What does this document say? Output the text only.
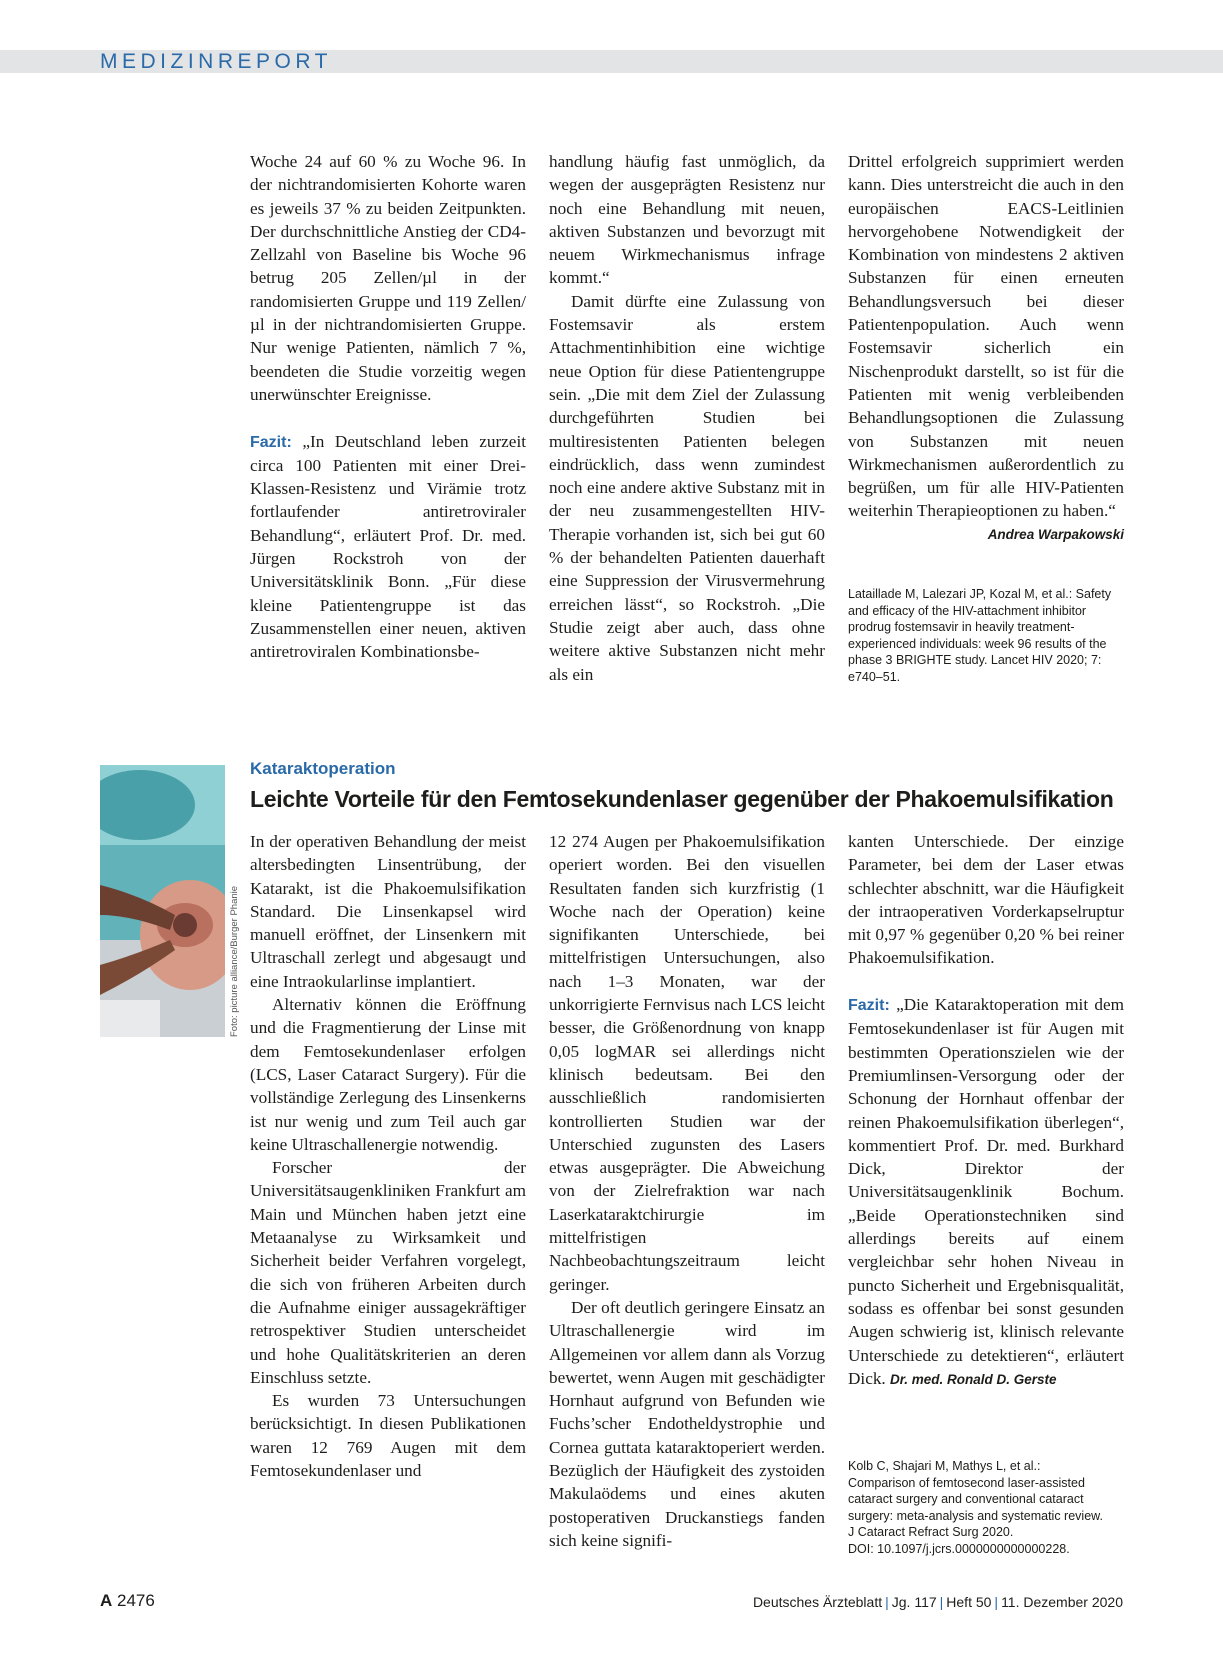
MEDIZINREPORT

Woche 24 auf 60 % zu Woche 96. In der nichtrandomisierten Kohorte waren es jeweils 37 % zu beiden Zeitpunkten. Der durchschnittliche Anstieg der CD4-Zellzahl von Baseline bis Woche 96 betrug 205 Zellen/µl in der randomisierten Gruppe und 119 Zellen/µl in der nichtrandomisierten Gruppe. Nur wenige Patienten, nämlich 7 %, beendeten die Studie vorzeitig wegen unerwünschter Ereignisse.

Fazit: „In Deutschland leben zurzeit circa 100 Patienten mit einer Drei-Klassen-Resistenz und Virämie trotz fortlaufender antiretroviraler Behandlung“, erläutert Prof. Dr. med. Jürgen Rockstroh von der Universitätsklinik Bonn. „Für diese kleine Patientengruppe ist das Zusammenstellen einer neuen, aktiven antiretroviralen Kombinationsbe-

handlung häufig fast unmöglich, da wegen der ausgeprägten Resistenz nur noch eine Behandlung mit neuen, aktiven Substanzen und bevorzugt mit neuem Wirkmechanismus infrage kommt.“

Damit dürfte eine Zulassung von Fostemsavir als erstem Attachmentinhibition eine wichtige neue Option für diese Patientengruppe sein. „Die mit dem Ziel der Zulassung durchgeführten Studien bei multiresistenten Patienten belegen eindrücklich, dass wenn zumindest noch eine andere aktive Substanz mit in der neu zusammengestellten HIV-Therapie vorhanden ist, sich bei gut 60 % der behandelten Patienten dauerhaft eine Suppression der Virusvermehrung erreichen lässt“, so Rockstroh. „Die Studie zeigt aber auch, dass ohne weitere aktive Substanzen nicht mehr als ein

Drittel erfolgreich supprimiert werden kann. Dies unterstreicht die auch in den europäischen EACS-Leitlinien hervorgehobene Notwendigkeit der Kombination von mindestens 2 aktiven Substanzen für einen erneuten Behandlungsversuch bei dieser Patientenpopulation. Auch wenn Fostemsavir sicherlich ein Nischenprodukt darstellt, so ist für die Patienten mit wenig verbleibenden Behandlungsoptionen die Zulassung von Substanzen mit neuen Wirkmechanismen außerordentlich zu begrüßen, um für alle HIV-Patienten weiterhin Therapieoptionen zu haben.“
Andrea Warpakowski

Lataillade M, Lalezari JP, Kozal M, et al.: Safety and efficacy of the HIV-attachment inhibitor prodrug fostemsavir in heavily treatment-experienced individuals: week 96 results of the phase 3 BRIGHTE study. Lancet HIV 2020; 7: e740–51.

Foto: picture alliance/Burger Phanie
Kataraktoperation
Leichte Vorteile für den Femtosekundenlaser gegenüber der Phakoemulsifikation

In der operativen Behandlung der meist altersbedingten Linsentrübung, der Katarakt, ist die Phakoemulsifikation Standard. Die Linsenkapsel wird manuell eröffnet, der Linsenkern mit Ultraschall zerlegt und abgesaugt und eine Intraokularlinse implantiert.

Alternativ können die Eröffnung und die Fragmentierung der Linse mit dem Femtosekundenlaser erfolgen (LCS, Laser Cataract Surgery). Für die vollständige Zerlegung des Linsenkerns ist nur wenig und zum Teil auch gar keine Ultraschallenergie notwendig.

Forscher der Universitätsaugenkliniken Frankfurt am Main und München haben jetzt eine Metaanalyse zu Wirksamkeit und Sicherheit beider Verfahren vorgelegt, die sich von früheren Arbeiten durch die Aufnahme einiger aussagekräftiger retrospektiver Studien unterscheidet und hohe Qualitätskriterien an deren Einschluss setzte.

Es wurden 73 Untersuchungen berücksichtigt. In diesen Publikationen waren 12 769 Augen mit dem Femtosekundenlaser und

12 274 Augen per Phakoemulsifikation operiert worden. Bei den visuellen Resultaten fanden sich kurzfristig (1 Woche nach der Operation) keine signifikanten Unterschiede, bei mittelfristigen Untersuchungen, also nach 1–3 Monaten, war der unkorrigierte Fernvisus nach LCS leicht besser, die Größenordnung von knapp 0,05 logMAR sei allerdings nicht klinisch bedeutsam. Bei den ausschließlich randomisierten kontrollierten Studien war der Unterschied zugunsten des Lasers etwas ausgeprägter. Die Abweichung von der Zielrefraktion war nach Laserkataraktchirurgie im mittelfristigen Nachbeobachtungszeitraum leicht geringer.

Der oft deutlich geringere Einsatz an Ultraschallenergie wird im Allgemeinen vor allem dann als Vorzug bewertet, wenn Augen mit geschädigter Hornhaut aufgrund von Befunden wie Fuchs’scher Endotheldystrophie und Cornea guttata kataraktoperiert werden. Bezüglich der Häufigkeit des zystoiden Makulaödems und eines akuten postoperativen Druckanstiegs fanden sich keine signifi-

kanten Unterschiede. Der einzige Parameter, bei dem der Laser etwas schlechter abschnitt, war die Häufigkeit der intraoperativen Vorderkapselruptur mit 0,97 % gegenüber 0,20 % bei reiner Phakoemulsifikation.

Fazit: „Die Kataraktoperation mit dem Femtosekundenlaser ist für Augen mit bestimmten Operationszielen wie der Premiumlinsen-Versorgung oder der Schonung der Hornhaut offenbar der reinen Phakoemulsifikation überlegen“, kommentiert Prof. Dr. med. Burkhard Dick, Direktor der Universitätsaugenklinik Bochum. „Beide Operationstechniken sind allerdings bereits auf einem vergleichbar sehr hohen Niveau in puncto Sicherheit und Ergebnisqualität, sodass es offenbar bei sonst gesunden Augen schwierig ist, klinisch relevante Unterschiede zu detektieren“, erläutert Dick. Dr. med. Ronald D. Gerste

Kolb C, Shajari M, Mathys L, et al.:

Comparison of femtosecond laser-assisted

cataract surgery and conventional cataract

surgery: meta-analysis and systematic review.

J Cataract Refract Surg 2020.

DOI: 10.1097/j.jcrs.0000000000000228.

A 2476	Deutsches Ärzteblatt | Jg. 117 | Heft 50 | 11. Dezember 2020
